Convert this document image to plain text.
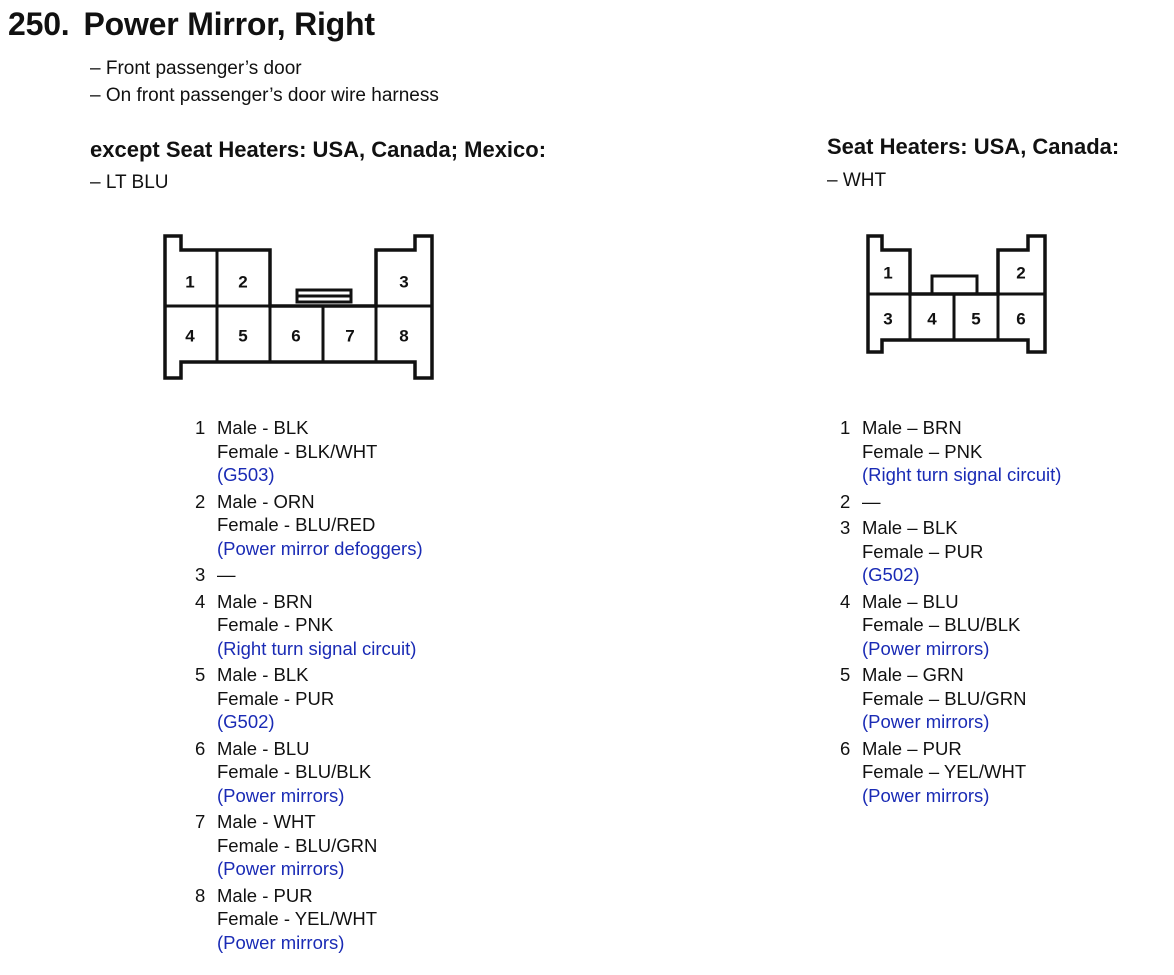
250. Power Mirror, Right
– Front passenger’s door
– On front passenger’s door wire harness
except Seat Heaters: USA, Canada; Mexico:
– LT BLU
1	2	3
4	5	6	7	8
1 Male - BLK
Female - BLK/WHT
(G503)
2 Male - ORN
Female - BLU/RED
(Power mirror defoggers)
3 —
4 Male - BRN
Female - PNK
(Right turn signal circuit)
5 Male - BLK
Female - PUR
(G502)
6 Male - BLU
Female - BLU/BLK
(Power mirrors)
7 Male - WHT
Female - BLU/GRN
(Power mirrors)
8 Male - PUR
Female - YEL/WHT
(Power mirrors)
Seat Heaters: USA, Canada:
– WHT
1	2
3 4 5 6
1 Male – BRN
Female – PNK
(Right turn signal circuit)
2 —
3 Male – BLK
Female – PUR
(G502)
4 Male – BLU
Female – BLU/BLK
(Power mirrors)
5 Male – GRN
Female – BLU/GRN
(Power mirrors)
6 Male – PUR
Female – YEL/WHT
(Power mirrors)
